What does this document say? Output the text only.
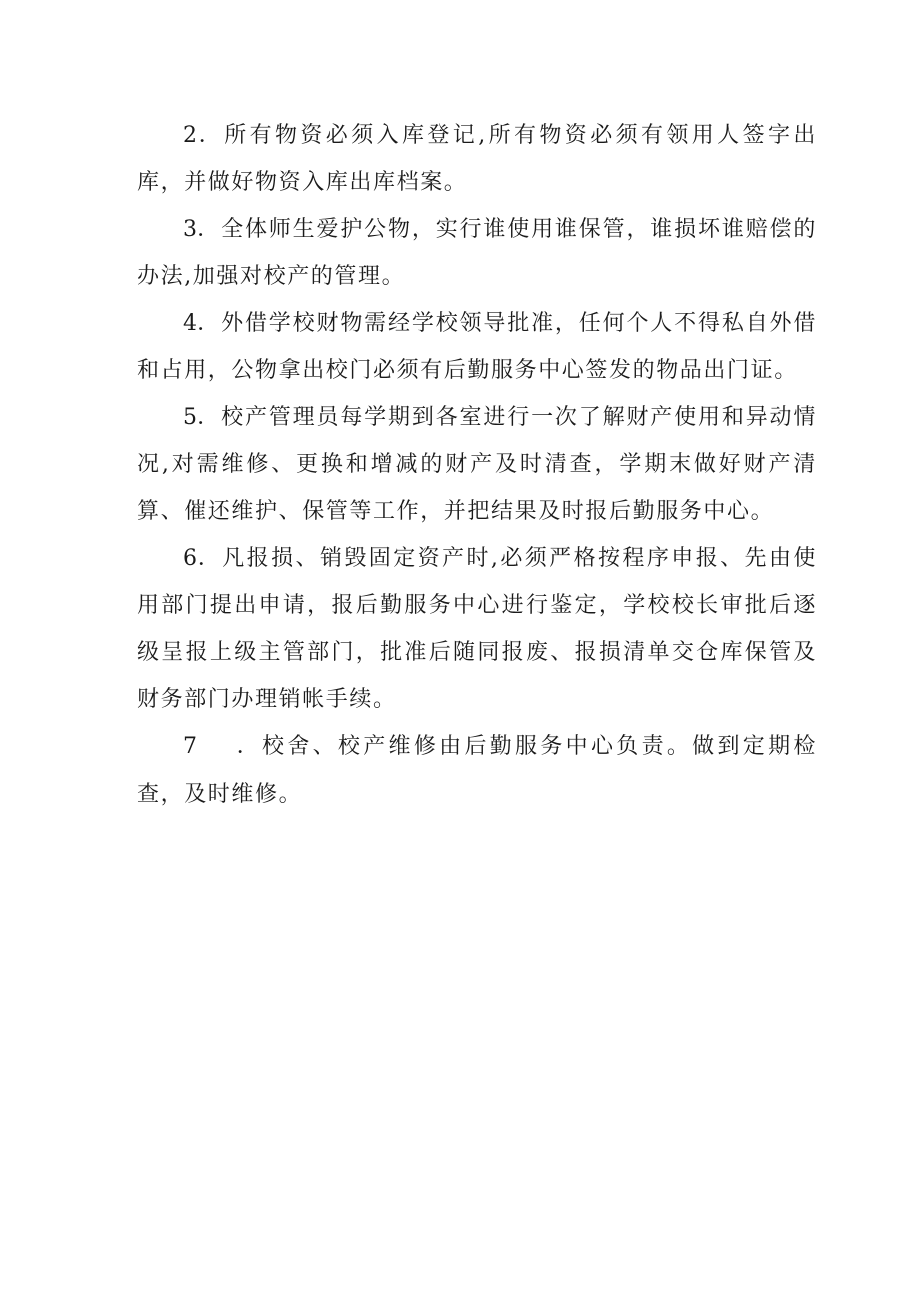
2．所有物资必须入库登记,所有物资必须有领用人签字出库，并做好物资入库出库档案。

3．全体师生爱护公物，实行谁使用谁保管，谁损坏谁赔偿的办法,加强对校产的管理。

4．外借学校财物需经学校领导批准，任何个人不得私自外借和占用，公物拿出校门必须有后勤服务中心签发的物品出门证。

5．校产管理员每学期到各室进行一次了解财产使用和异动情况,对需维修、更换和增减的财产及时清查，学期末做好财产清算、催还维护、保管等工作，并把结果及时报后勤服务中心。

6．凡报损、销毁固定资产时,必须严格按程序申报、先由使用部门提出申请，报后勤服务中心进行鉴定，学校校长审批后逐级呈报上级主管部门，批准后随同报废、报损清单交仓库保管及财务部门办理销帐手续。

7 ．校舍、校产维修由后勤服务中心负责。做到定期检查，及时维修。
